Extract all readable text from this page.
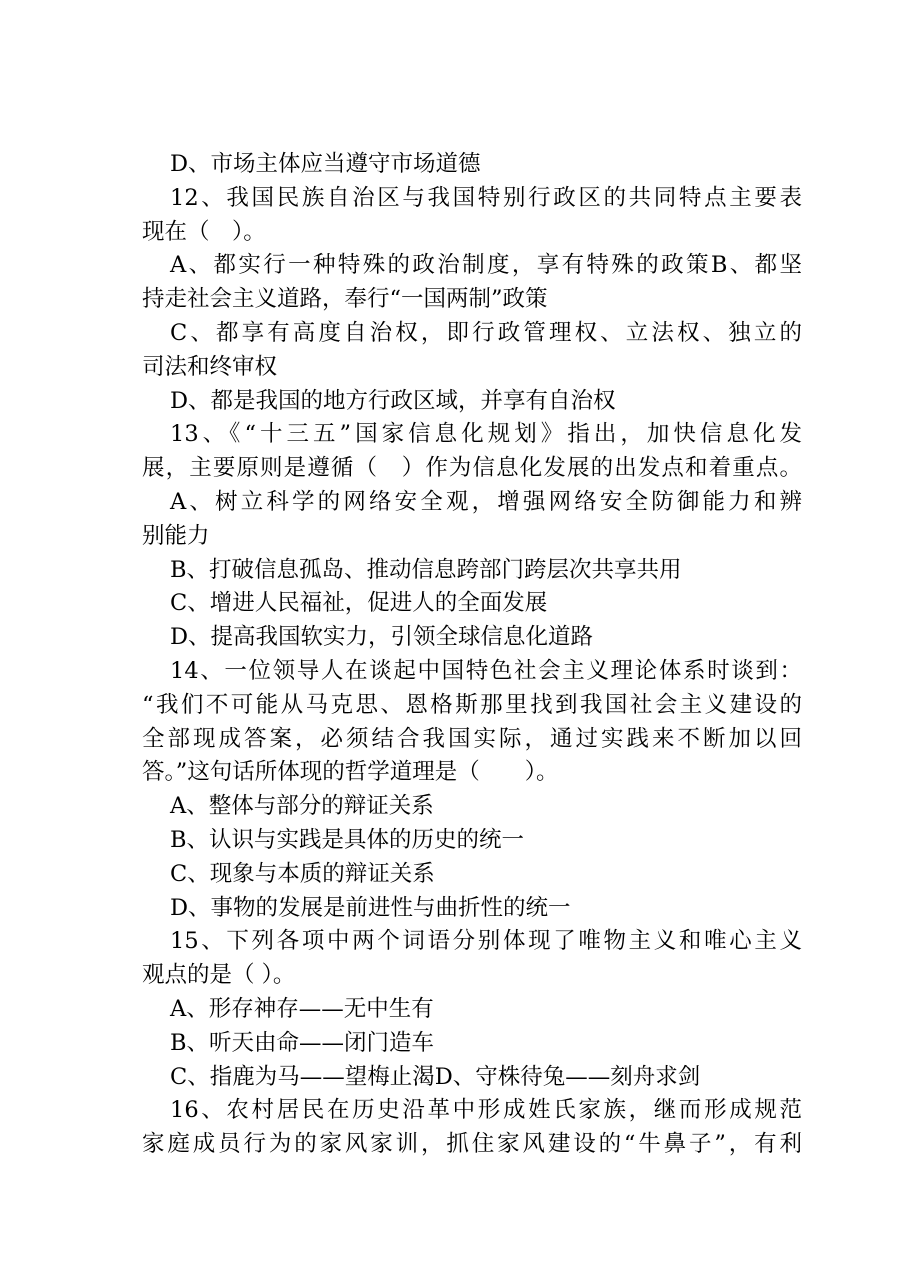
D、市场主体应当遵守市场道德
12、我国民族自治区与我国特别行政区的共同特点主要表
现在（　）。
A、都实行一种特殊的政治制度，享有特殊的政策B、都坚
持走社会主义道路，奉行“一国两制”政策
C、都享有高度自治权，即行政管理权、立法权、独立的
司法和终审权
D、都是我国的地方行政区域，并享有自治权
13、《“十三五”国家信息化规划》指出，加快信息化发
展，主要原则是遵循（　）作为信息化发展的出发点和着重点。
A、树立科学的网络安全观，增强网络安全防御能力和辨
别能力
B、打破信息孤岛、推动信息跨部门跨层次共享共用
C、增进人民福祉，促进人的全面发展
D、提高我国软实力，引领全球信息化道路
14、一位领导人在谈起中国特色社会主义理论体系时谈到：
“我们不可能从马克思、恩格斯那里找到我国社会主义建设的
全部现成答案，必须结合我国实际，通过实践来不断加以回
答。”这句话所体现的哲学道理是（　　）。
A、整体与部分的辩证关系
B、认识与实践是具体的历史的统一
C、现象与本质的辩证关系
D、事物的发展是前进性与曲折性的统一
15、下列各项中两个词语分别体现了唯物主义和唯心主义
观点的是（ ）。
A、形存神存——无中生有
B、听天由命——闭门造车
C、指鹿为马——望梅止渴D、守株待兔——刻舟求剑
16、农村居民在历史沿革中形成姓氏家族，继而形成规范
家庭成员行为的家风家训，抓住家风建设的“牛鼻子”，有利
